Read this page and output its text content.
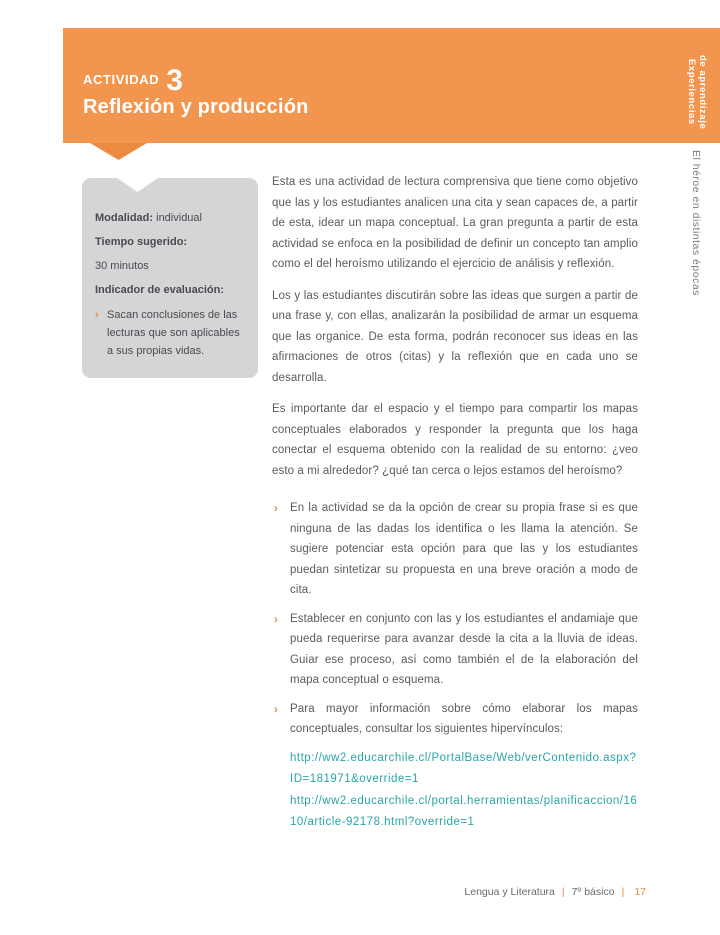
$^{ACTIVIDAD}$ 3
Reflexión y producción	Experiencias de aprendizaje
El héroe en distintas épocas
Modalidad: individual
Tiempo sugerido:
30 minutos
Indicador de evaluación:
› Sacan conclusiones de las lecturas que son aplicables a sus propias vidas.

Esta es una actividad de lectura comprensiva que tiene como objetivo que las y los estudiantes analicen una cita y sean capaces de, a partir de esta, idear un mapa conceptual. La gran pregunta a partir de esta actividad se enfoca en la posibilidad de definir un concepto tan amplio como el del heroísmo utilizando el ejercicio de análisis y reflexión.

Los y las estudiantes discutirán sobre las ideas que surgen a partir de una frase y, con ellas, analizarán la posibilidad de armar un esquema que las organice. De esta forma, podrán reconocer sus ideas en las afirmaciones de otros (citas) y la reflexión que en cada uno se desarrolla.

Es importante dar el espacio y el tiempo para compartir los mapas conceptuales elaborados y responder la pregunta que los haga conectar el esquema obtenido con la realidad de su entorno: ¿veo esto a mi alrededor? ¿qué tan cerca o lejos estamos del heroísmo?

› En la actividad se da la opción de crear su propia frase si es que ninguna de las dadas los identifica o les llama la atención. Se sugiere potenciar esta opción para que las y los estudiantes puedan sintetizar su propuesta en una breve oración a modo de cita.
› Establecer en conjunto con las y los estudiantes el andamiaje que pueda requerirse para avanzar desde la cita a la lluvia de ideas. Guiar ese proceso, así como también el de la elaboración del mapa conceptual o esquema.
› Para mayor información sobre cómo elaborar los mapas conceptuales, consultar los siguientes hipervínculos:
http://ww2.educarchile.cl/PortalBase/Web/verContenido.aspx?ID=181971&override=1
http://ww2.educarchile.cl/portal.herramientas/planificaccion/1610/article-92178.html?override=1
Lengua y Literatura | 7º básico | 17
